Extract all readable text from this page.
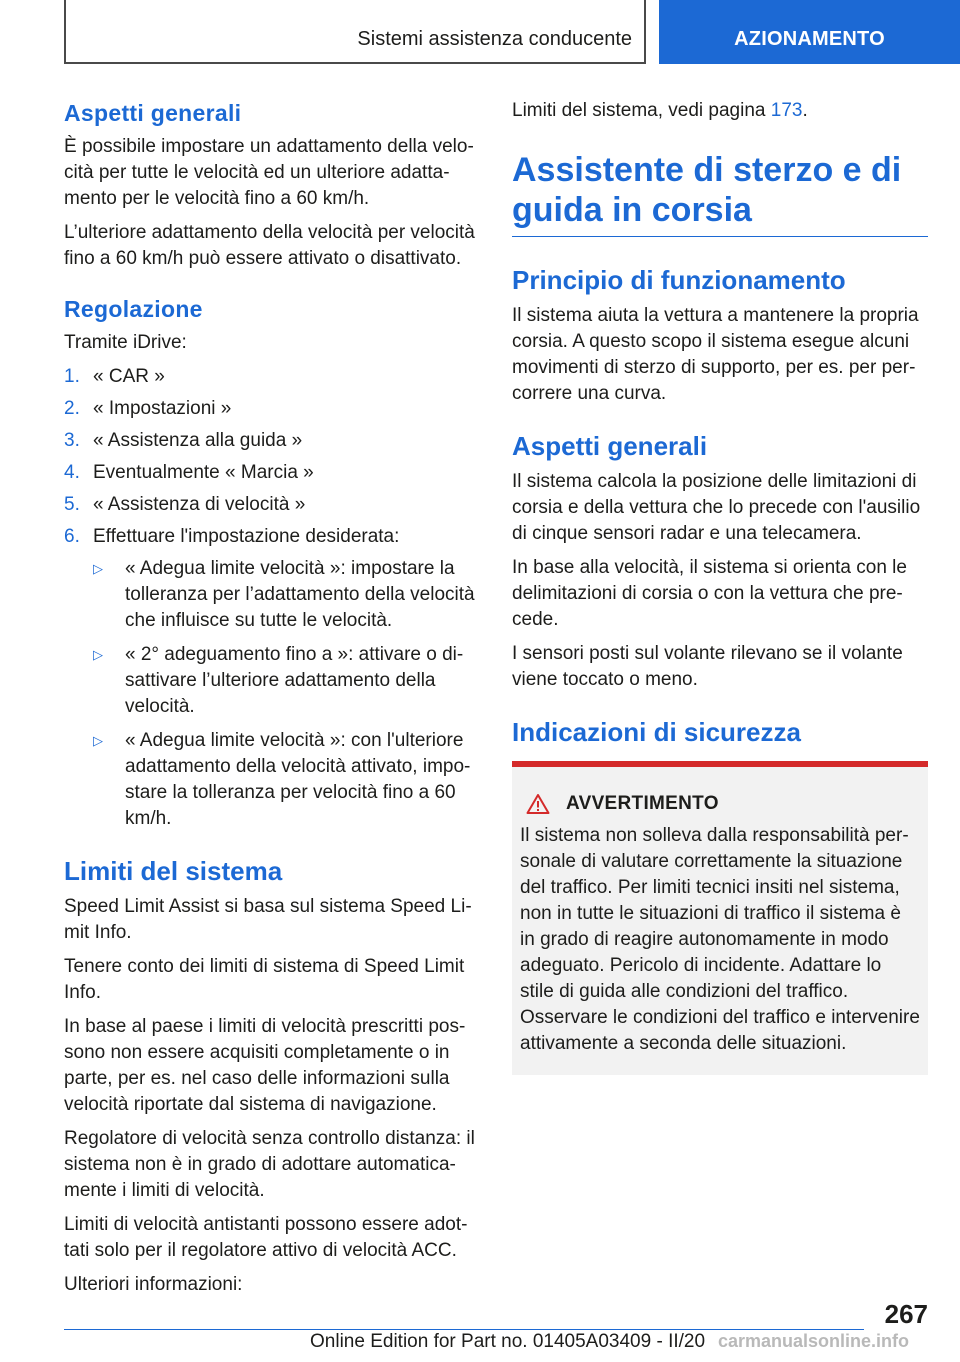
Sistemi assistenza conducente	AZIONAMENTO
Aspetti generali

È possibile impostare un adattamento della velocità per tutte le velocità ed un ulteriore adattamento per le velocità fino a 60 km/h.

L’ulteriore adattamento della velocità per velocità fino a 60 km/h può essere attivato o disattivato.

Regolazione

Tramite iDrive:

1. « CAR »
2. « Impostazioni »
3. « Assistenza alla guida »
4. Eventualmente « Marcia »
5. « Assistenza di velocità »
6. Effettuare l'impostazione desiderata:
▷ « Adegua limite velocità »: impostare la tolleranza per l’adattamento della velocità che influisce su tutte le velocità.
▷ « 2° adeguamento fino a »: attivare o disattivare l’ulteriore adattamento della velocità.
▷ « Adegua limite velocità »: con l'ulteriore adattamento della velocità attivato, impostare la tolleranza per velocità fino a 60 km/h.
Limiti del sistema

Speed Limit Assist si basa sul sistema Speed Limit Info.

Tenere conto dei limiti di sistema di Speed Limit Info.

In base al paese i limiti di velocità prescritti possono non essere acquisiti completamente o in parte, per es. nel caso delle informazioni sulla velocità riportate dal sistema di navigazione.

Regolatore di velocità senza controllo distanza: il sistema non è in grado di adottare automaticamente i limiti di velocità.

Limiti di velocità antistanti possono essere adottati solo per il regolatore attivo di velocità ACC.

Ulteriori informazioni:

Limiti del sistema, vedi pagina 173.

Assistente di sterzo e di guida in corsia
Principio di funzionamento

Il sistema aiuta la vettura a mantenere la propria corsia. A questo scopo il sistema esegue alcuni movimenti di sterzo di supporto, per es. per percorrere una curva.

Aspetti generali

Il sistema calcola la posizione delle limitazioni di corsia e della vettura che lo precede con l'ausilio di cinque sensori radar e una telecamera.

In base alla velocità, il sistema si orienta con le delimitazioni di corsia o con la vettura che precede.

I sensori posti sul volante rilevano se il volante viene toccato o meno.

Indicazioni di sicurezza
AVVERTIMENTO

Il sistema non solleva dalla responsabilità personale di valutare correttamente la situazione del traffico. Per limiti tecnici insiti nel sistema, non in tutte le situazioni di traffico il sistema è in grado di reagire autonomamente in modo adeguato. Pericolo di incidente. Adattare lo stile di guida alle condizioni del traffico. Osservare le condizioni del traffico e intervenire attivamente a seconda delle situazioni.

267
Online Edition for Part no. 01405A03409 - II/20 carmanualsonline.info
